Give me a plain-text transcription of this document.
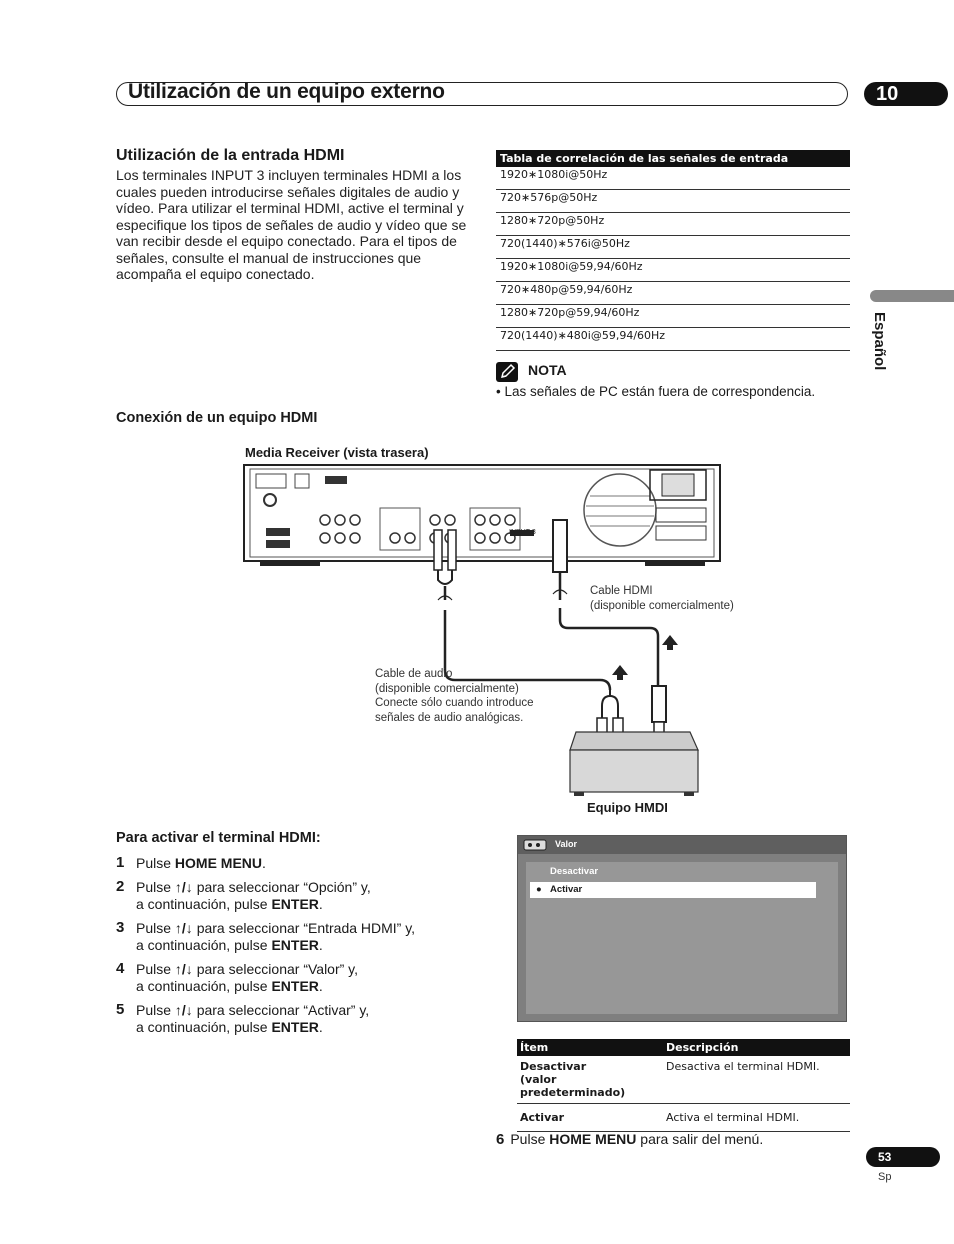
Utilización de un equipo externo	10
Español
Utilización de la entrada HDMI
Los terminales INPUT 3 incluyen terminales HDMI a los cuales pueden introducirse señales digitales de audio y vídeo. Para utilizar el terminal HDMI, active el terminal y especifique los tipos de señales de audio y vídeo que se van recibir desde el equipo conectado. Para el tipos de señales, consulte el manual de instrucciones que acompaña el equipo conectado.
Tabla de correlación de las señales de entrada
1920∗1080i@50Hz
720∗576p@50Hz
1280∗720p@50Hz
720(1440)∗576i@50Hz
1920∗1080i@59,94/60Hz
720∗480p@59,94/60Hz
1280∗720p@59,94/60Hz
720(1440)∗480i@59,94/60Hz
NOTA
• Las señales de PC están fuera de correspondencia.
Conexión de un equipo HDMI
Media Receiver (vista trasera)
INPUT 3
Cable HDMI
(disponible comercialmente)
Cable de audio
(disponible comercialmente)
Conecte sólo cuando introduce
señales de audio analógicas.
Equipo HMDI
Para activar el terminal HDMI:
1 Pulse HOME MENU.
2 Pulse ↑/↓ para seleccionar “Opción” y,
a continuación, pulse ENTER.
3 Pulse ↑/↓ para seleccionar “Entrada HDMI” y,
a continuación, pulse ENTER.
4 Pulse ↑/↓ para seleccionar “Valor” y,
a continuación, pulse ENTER.
5 Pulse ↑/↓ para seleccionar “Activar” y,
a continuación, pulse ENTER.
Valor
Desactivar
● Activar
Ítem	Descripción
Desactivar
(valor predeterminado)	Desactiva el terminal HDMI.
Activar	Activa el terminal HDMI.
6 Pulse HOME MENU para salir del menú.
53
Sp
